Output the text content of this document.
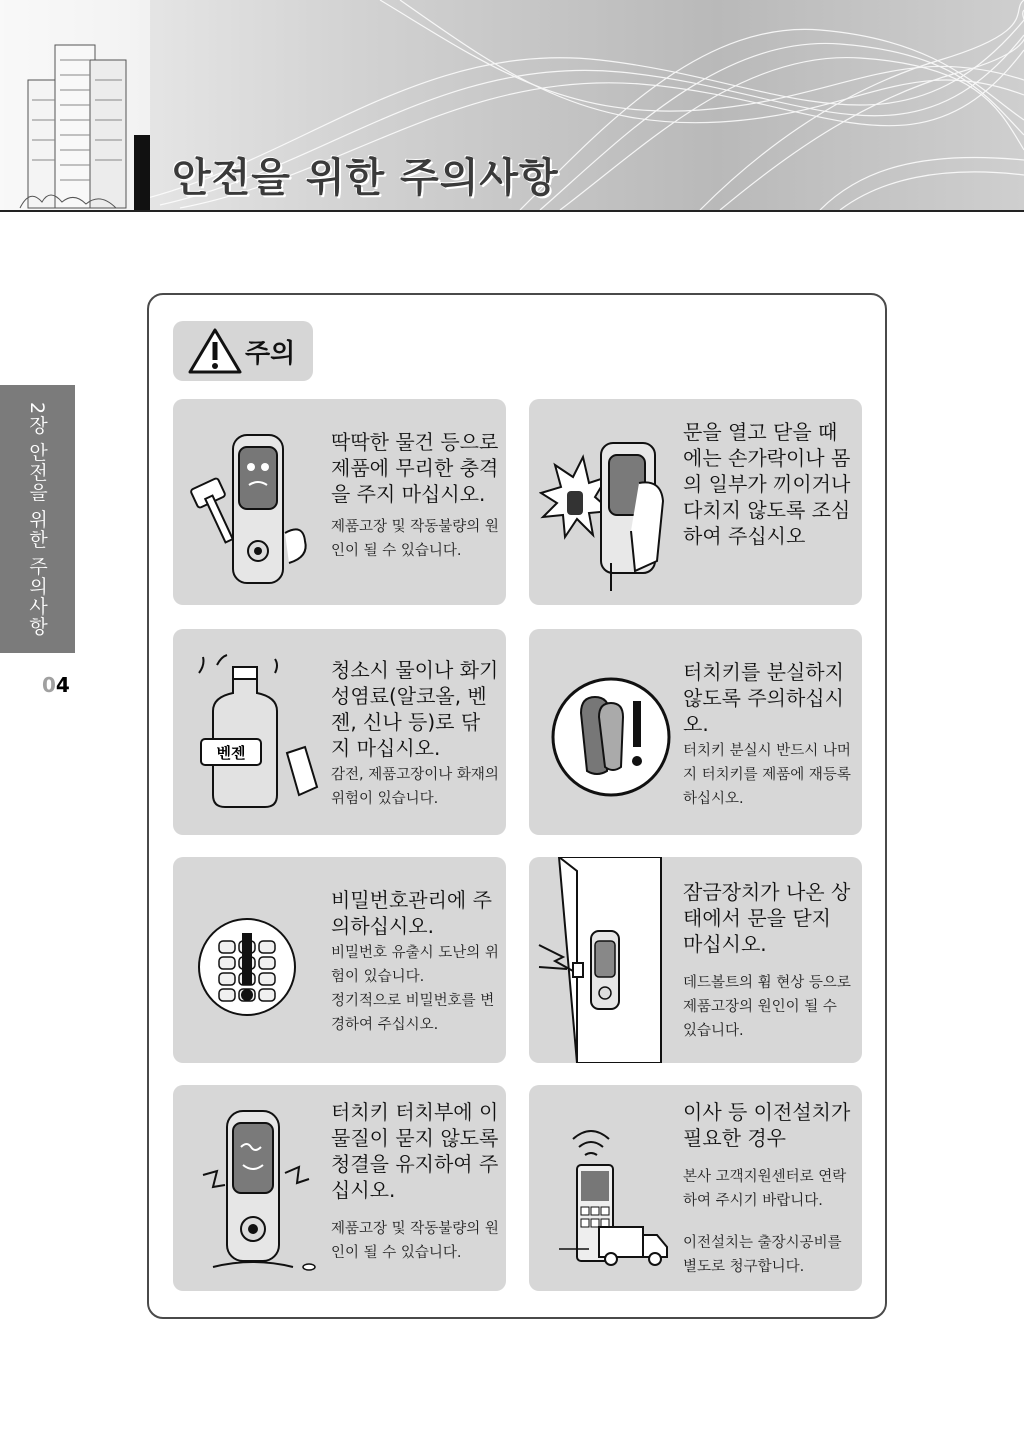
안전을 위한 주의사항
2장 안전을 위한 주의사항
04
주의
딱딱한 물건 등으로 제품에 무리한 충격을 주지 마십시오.
제품고장 및 작동불량의 원인이 될 수 있습니다.
문을 열고 닫을 때에는 손가락이나 몸의 일부가 끼이거나 다치지 않도록 조심하여 주십시오
벤젠
청소시 물이나 화기성염료(알코올, 벤젠, 신나 등)로 닦지 마십시오.
감전, 제품고장이나 화재의 위험이 있습니다.
터치키를 분실하지 않도록 주의하십시오.
터치키 분실시 반드시 나머지 터치키를 제품에 재등록 하십시오.
비밀번호관리에 주의하십시오.
비밀번호 유출시 도난의 위험이 있습니다.
정기적으로 비밀번호를 변경하여 주십시오.
잠금장치가 나온 상태에서 문을 닫지 마십시오.
데드볼트의 휨 현상 등으로 제품고장의 원인이 될 수 있습니다.
터치키 터치부에 이물질이 묻지 않도록 청결을 유지하여 주십시오.
제품고장 및 작동불량의 원인이 될 수 있습니다.
이사 등 이전설치가 필요한 경우
본사 고객지원센터로 연락하여 주시기 바랍니다.
이전설치는 출장시공비를 별도로 청구합니다.
